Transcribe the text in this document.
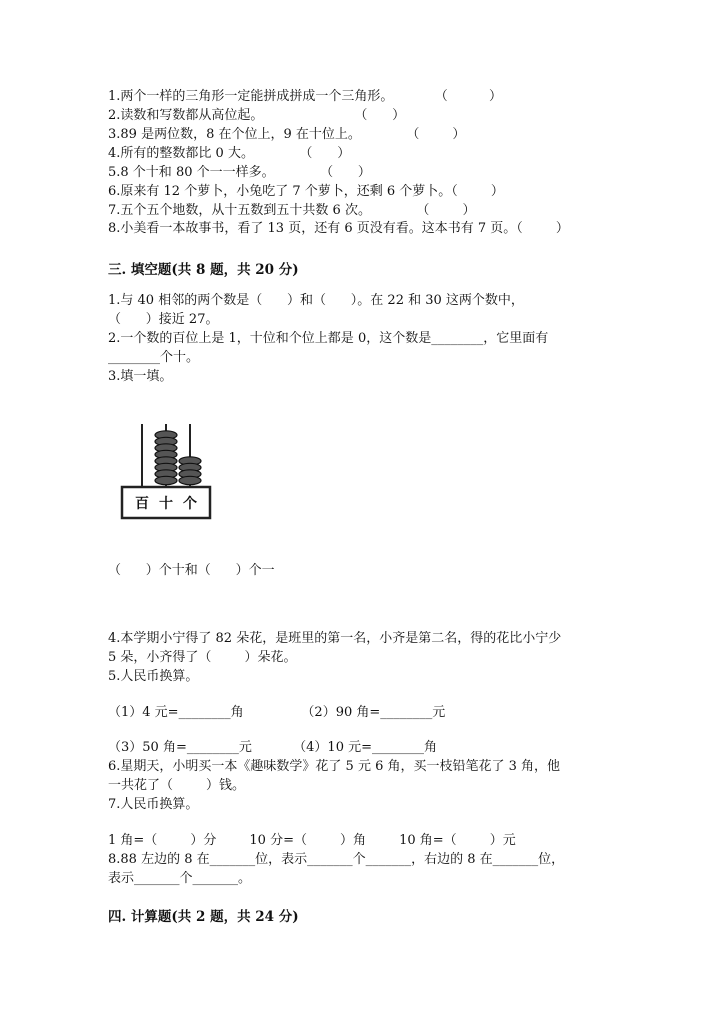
1.两个一样的三角形一定能拼成拼成一个三角形。          （          ）
2.读数和写数都从高位起。                      （      ）
3.89 是两位数，8 在个位上，9 在十位上。           （        ）
4.所有的整数都比 0 大。           （      ）
5.8 个十和 80 个一一样多。           （      ）
6.原来有 12 个萝卜，小兔吃了 7 个萝卜，还剩 6 个萝卜。（        ）
7.五个五个地数，从十五数到五十共数 6 次。           （        ）
8.小美看一本故事书，看了 13 页，还有 6 页没有看。这本书有 7 页。（        ）
三. 填空题(共 8 题，共 20 分)
1.与 40 相邻的两个数是（      ）和（      ）。在 22 和 30 这两个数中，
（      ）接近 27。
2.一个数的百位上是 1，十位和个位上都是 0，这个数是________，它里面有
________个十。
3.填一填。
百 十 个
（      ）个十和（      ）个一
4.本学期小宁得了 82 朵花，是班里的第一名，小齐是第二名，得的花比小宁少
5 朵，小齐得了（        ）朵花。
5.人民币换算。
（1）4 元=________角              （2）90 角=________元
（3）50 角=________元          （4）10 元=________角
6.星期天，小明买一本《趣味数学》花了 5 元 6 角，买一枝铅笔花了 3 角，他
一共花了（        ）钱。
7.人民币换算。
1 角=（        ）分        10 分=（        ）角        10 角=（        ）元
8.88 左边的 8 在_______位，表示_______个_______，右边的 8 在_______位，
表示_______个_______。
四. 计算题(共 2 题，共 24 分)
